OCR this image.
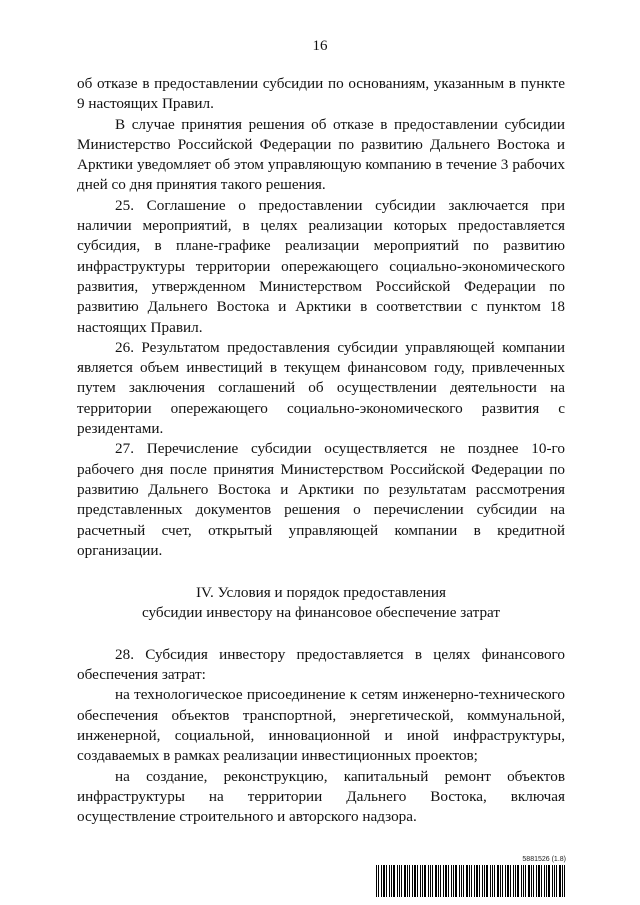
16

об отказе в предоставлении субсидии по основаниям, указанным в пункте 9 настоящих Правил.

В случае принятия решения об отказе в предоставлении субсидии Министерство Российской Федерации по развитию Дальнего Востока и Арктики уведомляет об этом управляющую компанию в течение 3 рабочих дней со дня принятия такого решения.

25. Соглашение о предоставлении субсидии заключается при наличии мероприятий, в целях реализации которых предоставляется субсидия, в плане-графике реализации мероприятий по развитию инфраструктуры территории опережающего социально-экономического развития, утвержденном Министерством Российской Федерации по развитию Дальнего Востока и Арктики в соответствии с пунктом 18 настоящих Правил.

26. Результатом предоставления субсидии управляющей компании является объем инвестиций в текущем финансовом году, привлеченных путем заключения соглашений об осуществлении деятельности на территории опережающего социально-экономического развития с резидентами.

27. Перечисление субсидии осуществляется не позднее 10-го рабочего дня после принятия Министерством Российской Федерации по развитию Дальнего Востока и Арктики по результатам рассмотрения представленных документов решения о перечислении субсидии на расчетный счет, открытый управляющей компании в кредитной организации.

IV. Условия и порядок предоставления
субсидии инвестору на финансовое обеспечение затрат

28. Субсидия инвестору предоставляется в целях финансового обеспечения затрат:

на технологическое присоединение к сетям инженерно-технического обеспечения объектов транспортной, энергетической, коммунальной, инженерной, социальной, инновационной и иной инфраструктуры, создаваемых в рамках реализации инвестиционных проектов;

на создание, реконструкцию, капитальный ремонт объектов инфраструктуры на территории Дальнего Востока, включая осуществление строительного и авторского надзора.

5881526 (1.8)
